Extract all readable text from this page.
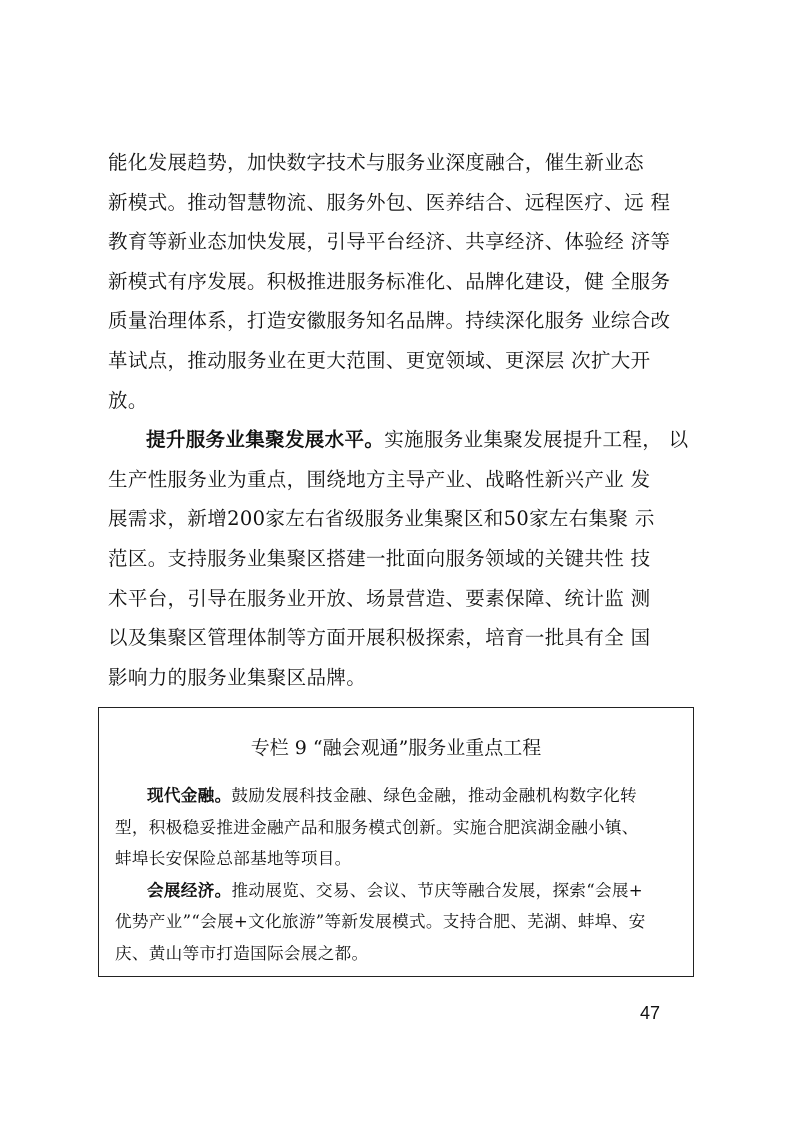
能化发展趋势，加快数字技术与服务业深度融合，催生新业态
新模式。推动智慧物流、服务外包、医养结合、远程医疗、远 程
教育等新业态加快发展，引导平台经济、共享经济、体验经 济等
新模式有序发展。积极推进服务标准化、品牌化建设，健 全服务
质量治理体系，打造安徽服务知名品牌。持续深化服务 业综合改
革试点，推动服务业在更大范围、更宽领域、更深层 次扩大开
放。
提升服务业集聚发展水平。实施服务业集聚发展提升工程， 以
生产性服务业为重点，围绕地方主导产业、战略性新兴产业 发
展需求，新增200家左右省级服务业集聚区和50家左右集聚 示
范区。支持服务业集聚区搭建一批面向服务领域的关键共性 技
术平台，引导在服务业开放、场景营造、要素保障、统计监 测
以及集聚区管理体制等方面开展积极探索，培育一批具有全 国
影响力的服务业集聚区品牌。
专栏 9 “融会观通”服务业重点工程
现代金融。鼓励发展科技金融、绿色金融，推动金融机构数字化转
型，积极稳妥推进金融产品和服务模式创新。实施合肥滨湖金融小镇、
蚌埠长安保险总部基地等项目。
会展经济。推动展览、交易、会议、节庆等融合发展，探索“会展+
优势产业”“会展+文化旅游”等新发展模式。支持合肥、芜湖、蚌埠、安
庆、黄山等市打造国际会展之都。
47
